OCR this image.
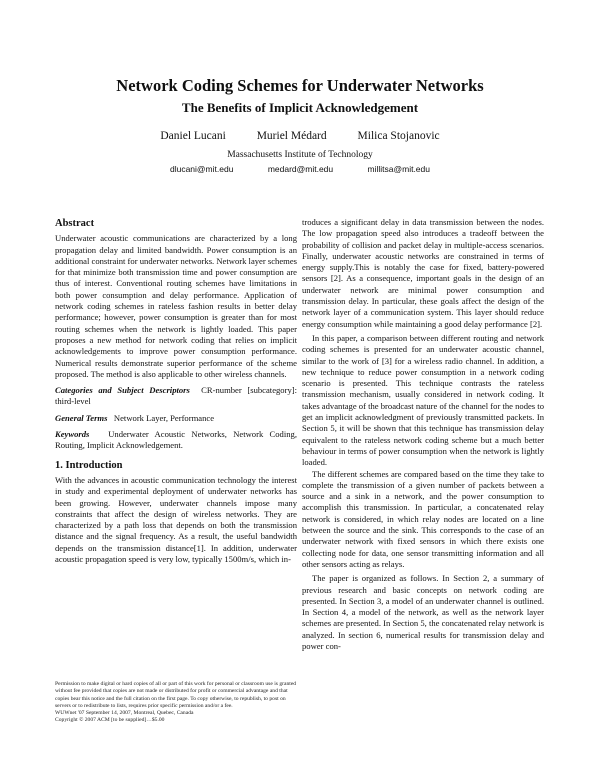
Network Coding Schemes for Underwater Networks
The Benefits of Implicit Acknowledgement
Daniel Lucani	Muriel Médard	Milica Stojanovic
Massachusetts Institute of Technology
dlucani@mit.edu	medard@mit.edu	millitsa@mit.edu
Abstract

Underwater acoustic communications are characterized by a long propagation delay and limited bandwidth. Power consumption is an additional constraint for underwater networks. Network layer schemes for that minimize both transmission time and power consumption are thus of interest. Conventional routing schemes have limitations in both power consumption and delay performance. Application of network coding schemes in rateless fashion results in better delay performance; however, power consumption is greater than for most routing schemes when the network is lightly loaded. This paper proposes a new method for network coding that relies on implicit acknowledgements to improve power consumption performance. Numerical results demonstrate superior performance of the scheme proposed. The method is also applicable to other wireless channels.

Categories and Subject Descriptors CR-number [subcategory]: third-level

General Terms Network Layer, Performance

Keywords Underwater Acoustic Networks, Network Coding, Routing, Implicit Acknowledgement.

1. Introduction

With the advances in acoustic communication technology the interest in study and experimental deployment of underwater networks has been growing. However, underwater channels impose many constraints that affect the design of wireless networks. They are characterized by a path loss that depends on both the transmission distance and the signal frequency. As a result, the useful bandwidth depends on the transmission distance[1]. In addition, underwater acoustic propagation speed is very low, typically 1500m/s, which in-

troduces a significant delay in data transmission between the nodes. The low propagation speed also introduces a tradeoff between the probability of collision and packet delay in multiple-access scenarios. Finally, underwater acoustic networks are constrained in terms of energy supply.This is notably the case for fixed, battery-powered sensors [2]. As a consequence, important goals in the design of an underwater network are minimal power consumption and transmission delay. In particular, these goals affect the design of the network layer of a communication system. This layer should reduce energy consumption while maintaining a good delay performance [2].

In this paper, a comparison between different routing and network coding schemes is presented for an underwater acoustic channel, similar to the work of [3] for a wireless radio channel. In addition, a new technique to reduce power consumption in a network coding scenario is presented. This technique contrasts the rateless transmission mechanism, usually considered in network coding. It takes advantage of the broadcast nature of the channel for the nodes to get an implicit acknowledgment of previously transmitted packets. In Section 5, it will be shown that this technique has transmission delay equivalent to the rateless network coding scheme but a much better behaviour in terms of power consumption when the network is lightly loaded.

The different schemes are compared based on the time they take to complete the transmission of a given number of packets between a source and a sink in a network, and the power consumption to accomplish this transmission. In particular, a concatenated relay network is considered, in which relay nodes are located on a line between the source and the sink. This corresponds to the case of an underwater network with fixed sensors in which there exists one collecting node for data, one sensor transmitting information and all other sensors acting as relays.

The paper is organized as follows. In Section 2, a summary of previous research and basic concepts on network coding are presented. In Section 3, a model of an underwater channel is outlined. In Section 4, a model of the network, as well as the network layer schemes are presented. In Section 5, the concatenated relay network is analyzed. In section 6, numerical results for transmission delay and power con-

Permission to make digital or hard copies of all or part of this work for personal or classroom use is granted without fee provided that copies are not made or distributed for profit or commercial advantage and that copies bear this notice and the full citation on the first page. To copy otherwise, to republish, to post on servers or to redistribute to lists, requires prior specific permission and/or a fee.
WUWnet '07 September 14, 2007, Montreal, Quebec, Canada
Copyright © 2007 ACM [to be supplied]…$5.00
